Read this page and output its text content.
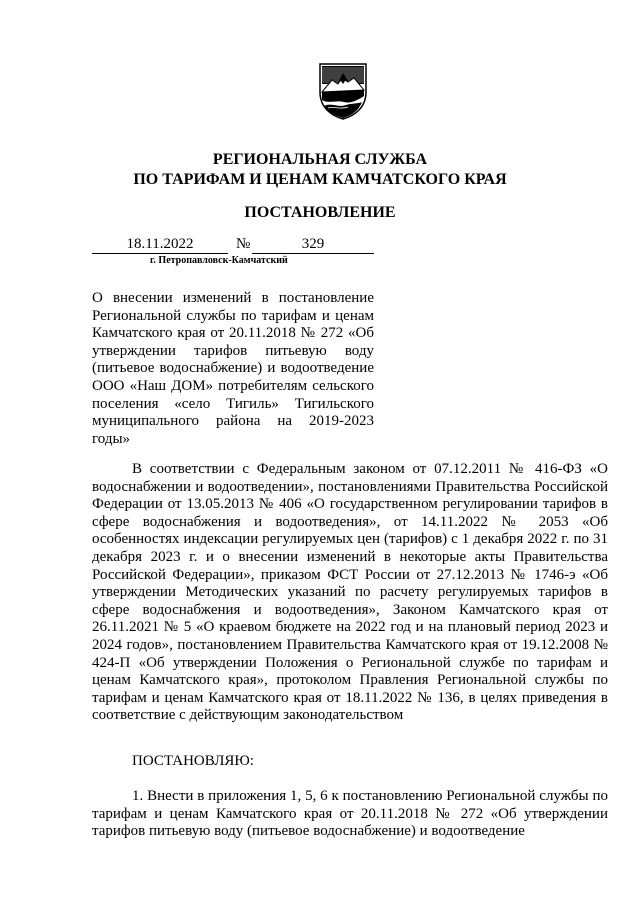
РЕГИОНАЛЬНАЯ СЛУЖБА
ПО ТАРИФАМ И ЦЕНАМ КАМЧАТСКОГО КРАЯ
ПОСТАНОВЛЕНИЕ
18.11.2022	№	329
г. Петропавловск-Камчатский

О внесении изменений в постановление Региональной службы по тарифам и ценам Камчатского края от 20.11.2018 № 272 «Об утверждении тарифов питьевую воду (питьевое водоснабжение) и водоотведение ООО «Наш ДОМ» потребителям сельского поселения «село Тигиль» Тигильского муниципального района на 2019-2023 годы»

В соответствии с Федеральным законом от 07.12.2011 № 416-ФЗ «О водоснабжении и водоотведении», постановлениями Правительства Российской Федерации от 13.05.2013 № 406 «О государственном регулировании тарифов в сфере водоснабжения и водоотведения», от 14.11.2022 № 2053 «Об особенностях индексации регулируемых цен (тарифов) с 1 декабря 2022 г. по 31 декабря 2023 г. и о внесении изменений в некоторые акты Правительства Российской Федерации», приказом ФСТ России от 27.12.2013 № 1746-э «Об утверждении Методических указаний по расчету регулируемых тарифов в сфере водоснабжения и водоотведения», Законом Камчатского края от 26.11.2021 № 5 «О краевом бюджете на 2022 год и на плановый период 2023 и 2024 годов», постановлением Правительства Камчатского края от 19.12.2008 № 424-П «Об утверждении Положения о Региональной службе по тарифам и ценам Камчатского края», протоколом Правления Региональной службы по тарифам и ценам Камчатского края от 18.11.2022 № 136, в целях приведения в соответствие с действующим законодательством

ПОСТАНОВЛЯЮ:

1. Внести в приложения 1, 5, 6 к постановлению Региональной службы по тарифам и ценам Камчатского края от 20.11.2018 № 272 «Об утверждении тарифов питьевую воду (питьевое водоснабжение) и водоотведение
